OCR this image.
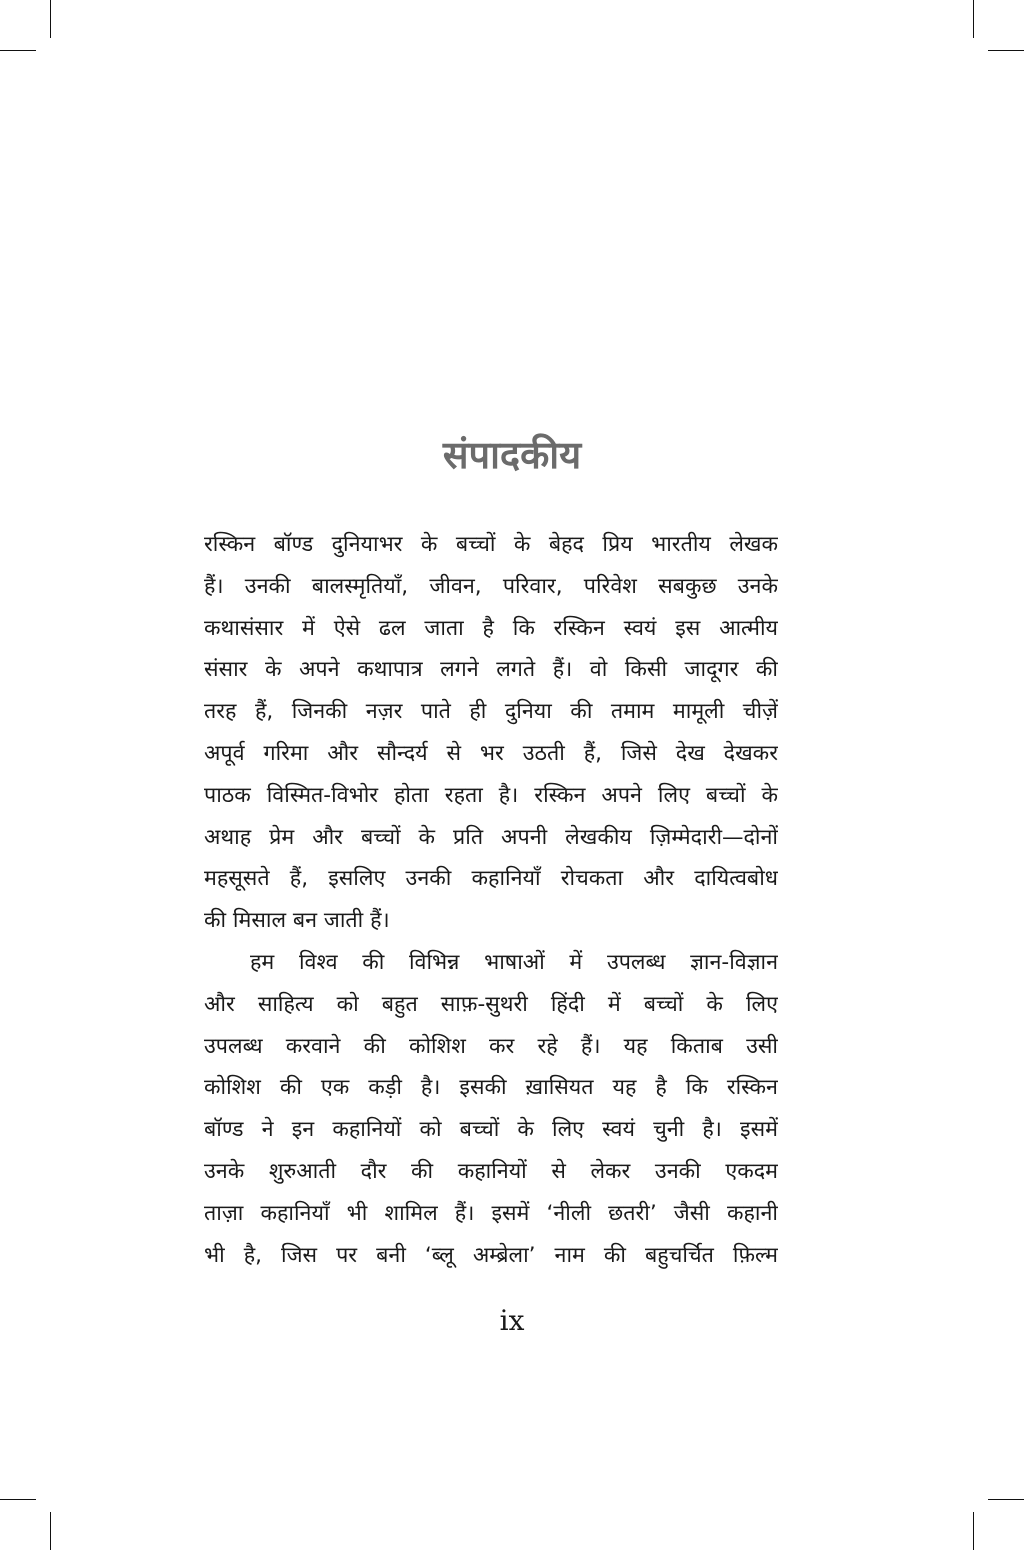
संपादकीय
रस्किन बॉण्ड दुनियाभर के बच्चों के बेहद प्रिय भारतीय लेखक
हैं। उनकी बालस्मृतियाँ, जीवन, परिवार, परिवेश सबकुछ उनके
कथासंसार में ऐसे ढल जाता है कि रस्किन स्वयं इस आत्मीय
संसार के अपने कथापात्र लगने लगते हैं। वो किसी जादूगर की
तरह हैं, जिनकी नज़र पाते ही दुनिया की तमाम मामूली चीज़ें
अपूर्व गरिमा और सौन्दर्य से भर उठती हैं, जिसे देख देखकर
पाठक विस्मित-विभोर होता रहता है। रस्किन अपने लिए बच्चों के
अथाह प्रेम और बच्चों के प्रति अपनी लेखकीय ज़िम्मेदारी—दोनों
महसूसते हैं, इसलिए उनकी कहानियाँ रोचकता और दायित्वबोध
की मिसाल बन जाती हैं।
हम विश्व की विभिन्न भाषाओं में उपलब्ध ज्ञान-विज्ञान
और साहित्य को बहुत साफ़-सुथरी हिंदी में बच्चों के लिए
उपलब्ध करवाने की कोशिश कर रहे हैं। यह किताब उसी
कोशिश की एक कड़ी है। इसकी ख़ासियत यह है कि रस्किन
बॉण्ड ने इन कहानियों को बच्चों के लिए स्वयं चुनी है। इसमें
उनके शुरुआती दौर की कहानियों से लेकर उनकी एकदम
ताज़ा कहानियाँ भी शामिल हैं। इसमें ‘नीली छतरी’ जैसी कहानी
भी है, जिस पर बनी ‘ब्लू अम्ब्रेला’ नाम की बहुचर्चित फ़िल्म
ix
